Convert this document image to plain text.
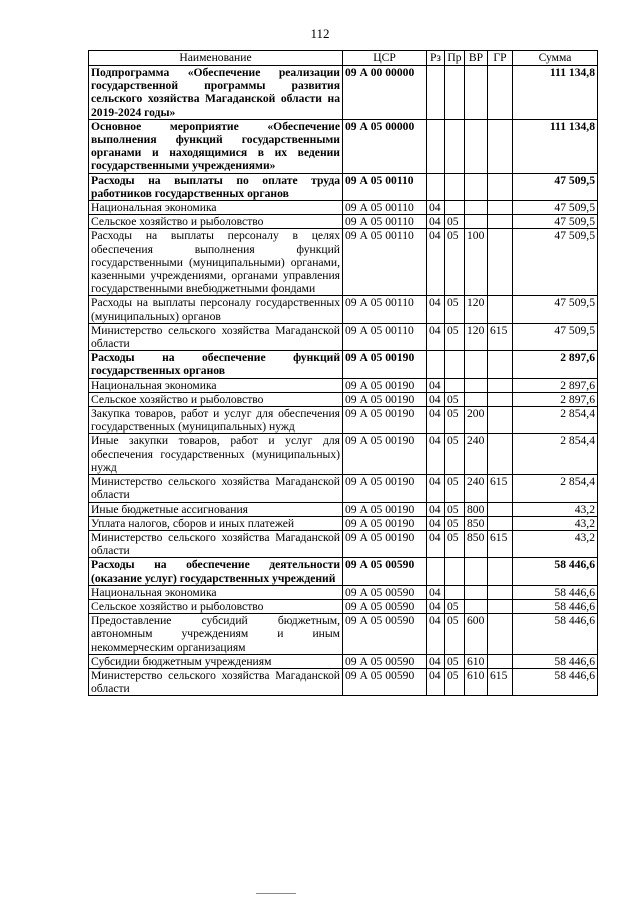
112
Наименование	ЦСР	Рз	Пр	ВР	ГР	Сумма
Подпрограмма «Обеспечение реализации государственной программы развития сельского хозяйства Магаданской области на 2019-2024 годы»	09 А 00 00000					111 134,8
Основное мероприятие «Обеспечение выполнения функций государственными органами и находящимися в их ведении государственными учреждениями»	09 А 05 00000					111 134,8
Расходы на выплаты по оплате труда работников государственных органов	09 А 05 00110					47 509,5
Национальная экономика	09 А 05 00110	04				47 509,5
Сельское хозяйство и рыболовство	09 А 05 00110	04	05			47 509,5
Расходы на выплаты персоналу в целях обеспечения выполнения функций государственными (муниципальными) органами, казенными учреждениями, органами управления государственными внебюджетными фондами	09 А 05 00110	04	05	100		47 509,5
Расходы на выплаты персоналу государственных (муниципальных) органов	09 А 05 00110	04	05	120		47 509,5
Министерство сельского хозяйства Магаданской области	09 А 05 00110	04	05	120	615	47 509,5
Расходы на обеспечение функций государственных органов	09 А 05 00190					2 897,6
Национальная экономика	09 А 05 00190	04				2 897,6
Сельское хозяйство и рыболовство	09 А 05 00190	04	05			2 897,6
Закупка товаров, работ и услуг для обеспечения государственных (муниципальных) нужд	09 А 05 00190	04	05	200		2 854,4
Иные закупки товаров, работ и услуг для обеспечения государственных (муниципальных) нужд	09 А 05 00190	04	05	240		2 854,4
Министерство сельского хозяйства Магаданской области	09 А 05 00190	04	05	240	615	2 854,4
Иные бюджетные ассигнования	09 А 05 00190	04	05	800		43,2
Уплата налогов, сборов и иных платежей	09 А 05 00190	04	05	850		43,2
Министерство сельского хозяйства Магаданской области	09 А 05 00190	04	05	850	615	43,2
Расходы на обеспечение деятельности (оказание услуг) государственных учреждений	09 А 05 00590					58 446,6
Национальная экономика	09 А 05 00590	04				58 446,6
Сельское хозяйство и рыболовство	09 А 05 00590	04	05			58 446,6
Предоставление субсидий бюджетным, автономным учреждениям и иным некоммерческим организациям	09 А 05 00590	04	05	600		58 446,6
Субсидии бюджетным учреждениям	09 А 05 00590	04	05	610		58 446,6
Министерство сельского хозяйства Магаданской области	09 А 05 00590	04	05	610	615	58 446,6
